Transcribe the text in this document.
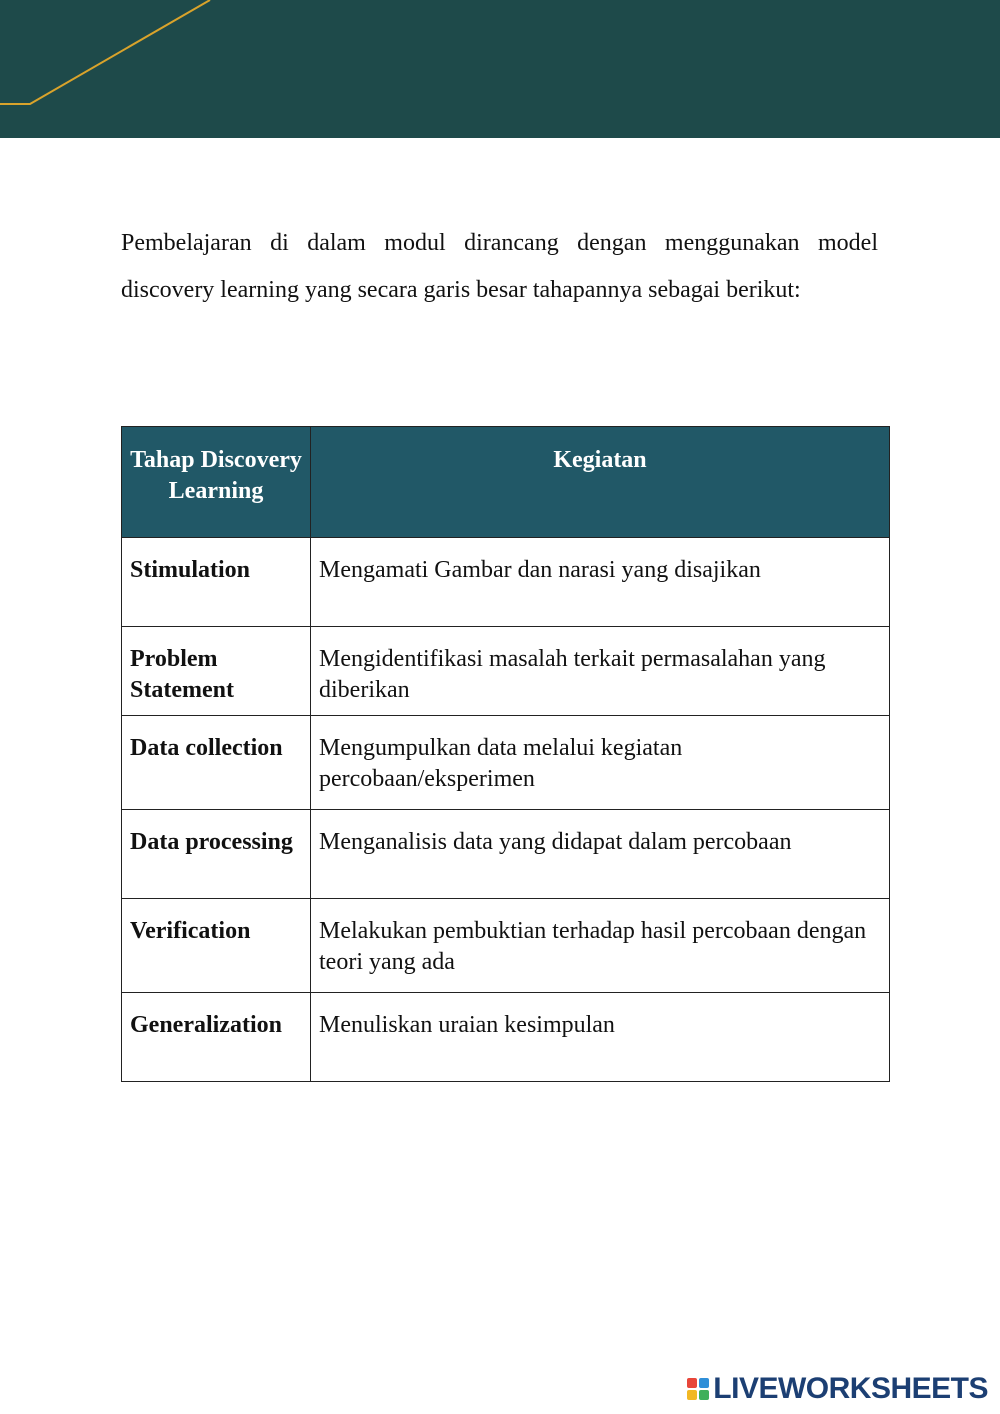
Pembelajaran di dalam modul dirancang dengan menggunakan model discovery learning yang secara garis besar tahapannya sebagai berikut:

Tahap Discovery Learning	Kegiatan
Stimulation	Mengamati Gambar dan narasi yang disajikan
Problem Statement	Mengidentifikasi masalah terkait permasalahan yang diberikan
Data collection	Mengumpulkan data melalui kegiatan percobaan/eksperimen
Data processing	Menganalisis data yang didapat dalam percobaan
Verification	Melakukan pembuktian terhadap hasil percobaan dengan teori yang ada
Generalization	Menuliskan uraian kesimpulan
LIVEWORKSHEETS
